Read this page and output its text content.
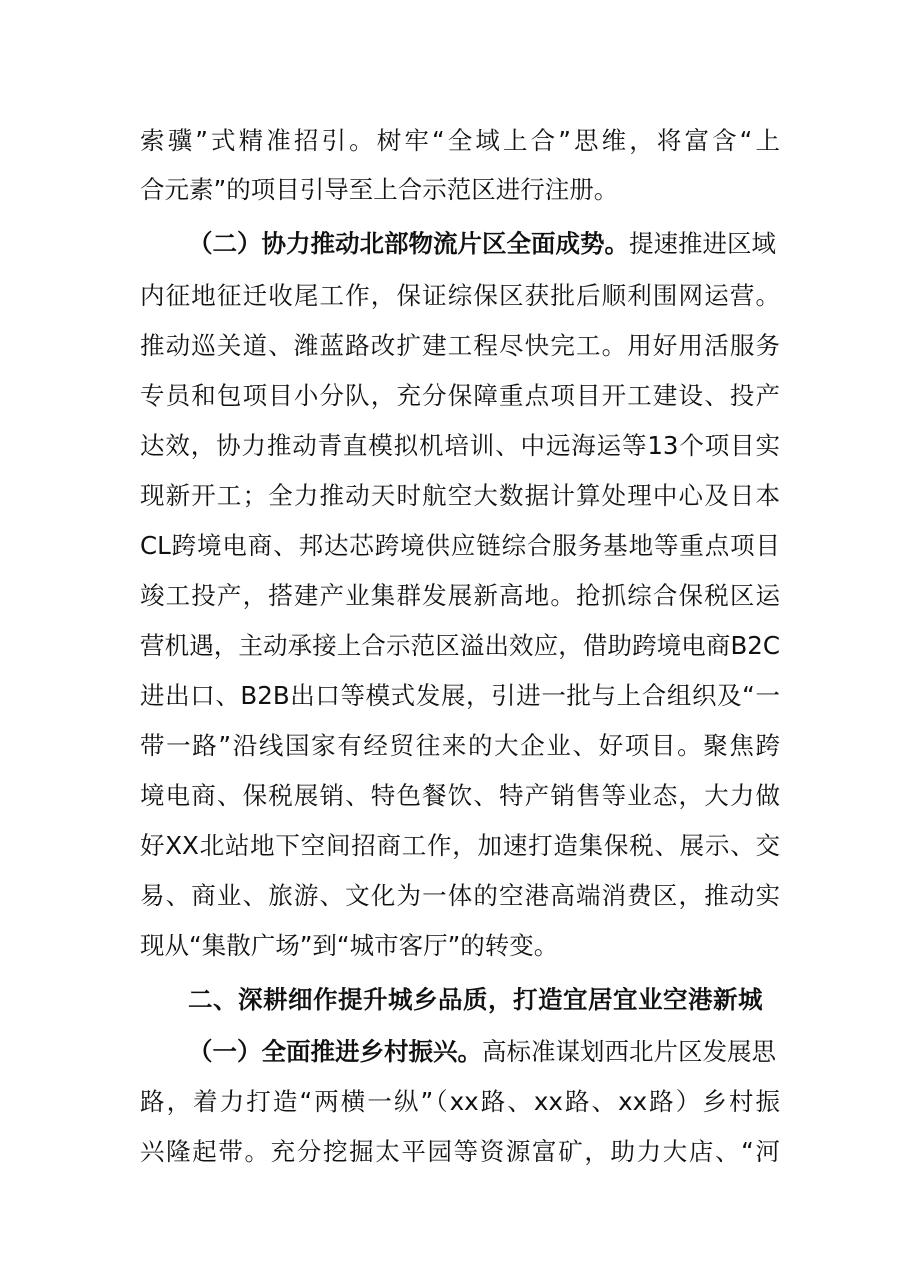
索骥”式精准招引。树牢“全域上合”思维，将富含“上
合元素”的项目引导至上合示范区进行注册。
（二）协力推动北部物流片区全面成势。提速推进区域
内征地征迁收尾工作，保证综保区获批后顺利围网运营。
推动巡关道、潍蓝路改扩建工程尽快完工。用好用活服务
专员和包项目小分队，充分保障重点项目开工建设、投产
达效，协力推动青直模拟机培训、中远海运等13个项目实
现新开工；全力推动天时航空大数据计算处理中心及日本
CL跨境电商、邦达芯跨境供应链综合服务基地等重点项目
竣工投产，搭建产业集群发展新高地。抢抓综合保税区运
营机遇，主动承接上合示范区溢出效应，借助跨境电商B2C
进出口、B2B出口等模式发展，引进一批与上合组织及“一
带一路”沿线国家有经贸往来的大企业、好项目。聚焦跨
境电商、保税展销、特色餐饮、特产销售等业态，大力做
好XX北站地下空间招商工作，加速打造集保税、展示、交
易、商业、旅游、文化为一体的空港高端消费区，推动实
现从“集散广场”到“城市客厅”的转变。
二、深耕细作提升城乡品质，打造宜居宜业空港新城
（一）全面推进乡村振兴。高标准谋划西北片区发展思
路，着力打造“两横一纵”（xx路、xx路、xx路）乡村振
兴隆起带。充分挖掘太平园等资源富矿，助力大店、“河
